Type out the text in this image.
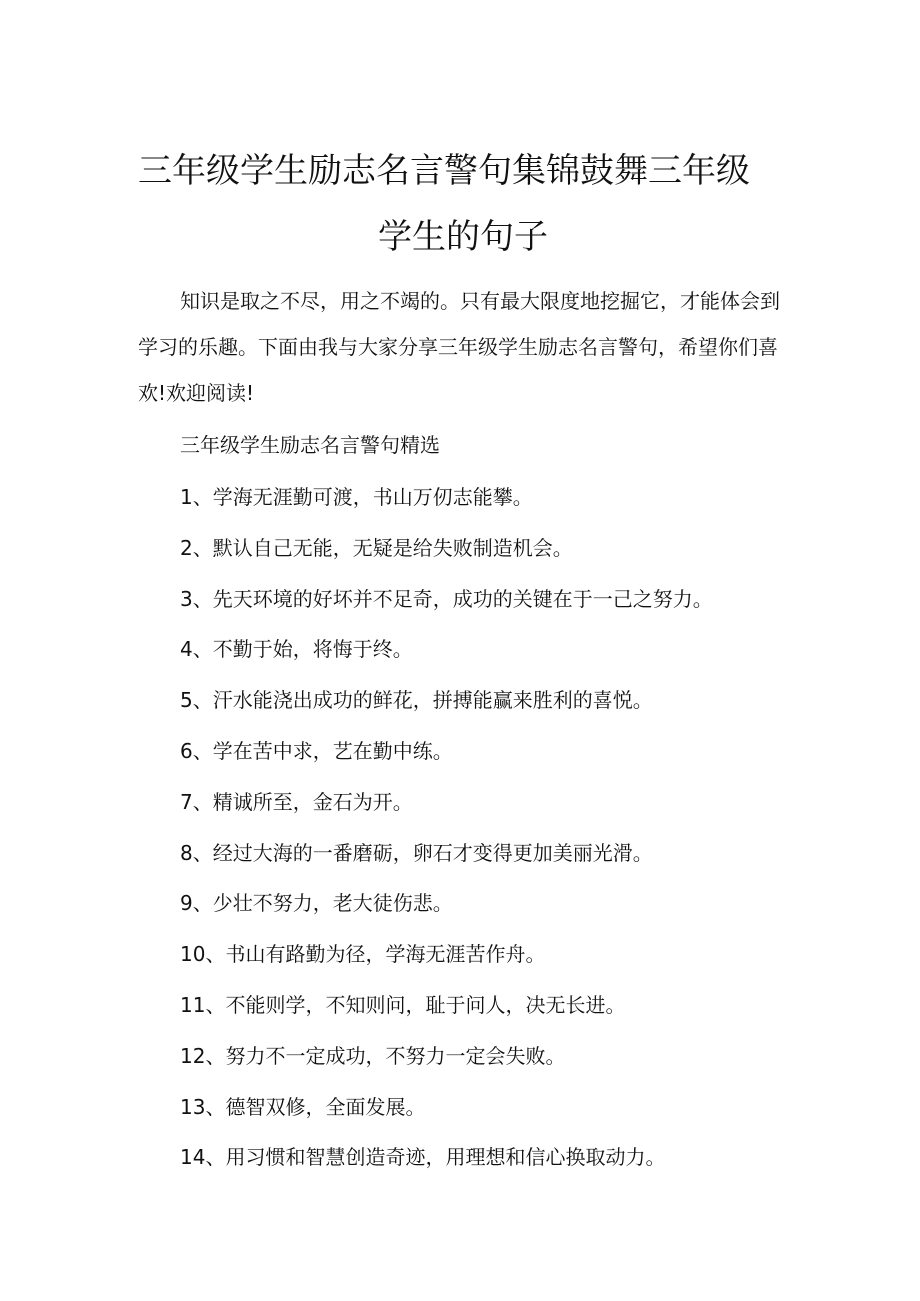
三年级学生励志名言警句集锦鼓舞三年级
学生的句子

知识是取之不尽，用之不竭的。只有最大限度地挖掘它，才能体会到学习的乐趣。下面由我与大家分享三年级学生励志名言警句，希望你们喜欢!欢迎阅读!

三年级学生励志名言警句精选

1、学海无涯勤可渡，书山万仞志能攀。
2、默认自己无能，无疑是给失败制造机会。
3、先天环境的好坏并不足奇，成功的关键在于一己之努力。
4、不勤于始，将悔于终。
5、汗水能浇出成功的鲜花，拼搏能赢来胜利的喜悦。
6、学在苦中求，艺在勤中练。
7、精诚所至，金石为开。
8、经过大海的一番磨砺，卵石才变得更加美丽光滑。
9、少壮不努力，老大徒伤悲。
10、书山有路勤为径，学海无涯苦作舟。
11、不能则学，不知则问，耻于问人，决无长进。
12、努力不一定成功，不努力一定会失败。
13、德智双修，全面发展。
14、用习惯和智慧创造奇迹，用理想和信心换取动力。
